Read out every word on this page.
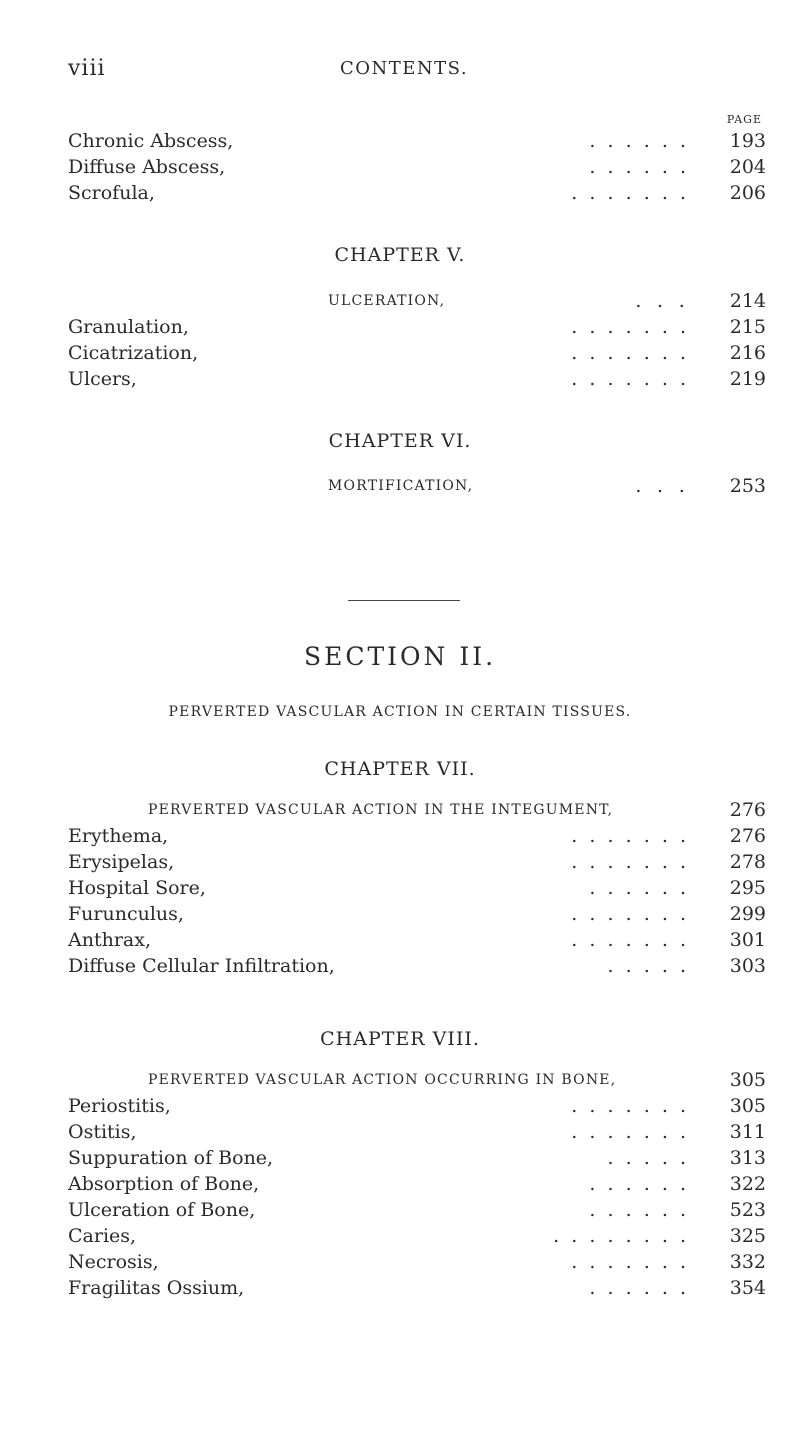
viii	CONTENTS.
PAGE
Chronic Abscess,	.  .  .  .  .  . 193
Diffuse Abscess,	.  .  .  .  .  . 204
Scrofula,	.  .  .  .  .  .  . 206
CHAPTER V.
ULCERATION,	.  .  . 214
Granulation,	.  .  .  .  .  .  . 215
Cicatrization,	.  .  .  .  .  .  . 216
Ulcers,	.  .  .  .  .  .  . 219
CHAPTER VI.
MORTIFICATION,	.  .  . 253
SECTION II.
PERVERTED VASCULAR ACTION IN CERTAIN TISSUES.
CHAPTER VII.
PERVERTED VASCULAR ACTION IN THE INTEGUMENT,	276
Erythema,	.  .  .  .  .  .  . 276
Erysipelas,	.  .  .  .  .  .  . 278
Hospital Sore,	.  .  .  .  .  . 295
Furunculus,	.  .  .  .  .  .  . 299
Anthrax,	.  .  .  .  .  .  . 301
Diffuse Cellular Infiltration,	.  .  .  .  . 303
CHAPTER VIII.
PERVERTED VASCULAR ACTION OCCURRING IN BONE,	305
Periostitis,	.  .  .  .  .  .  . 305
Ostitis,	.  .  .  .  .  .  . 311
Suppuration of Bone,	.  .  .  .  . 313
Absorption of Bone,	.  .  .  .  .  . 322
Ulceration of Bone,	.  .  .  .  .  . 523
Caries,	.  .  .  .  .  .  .  . 325
Necrosis,	.  .  .  .  .  .  . 332
Fragilitas Ossium,	.  .  .  .  .  . 354
